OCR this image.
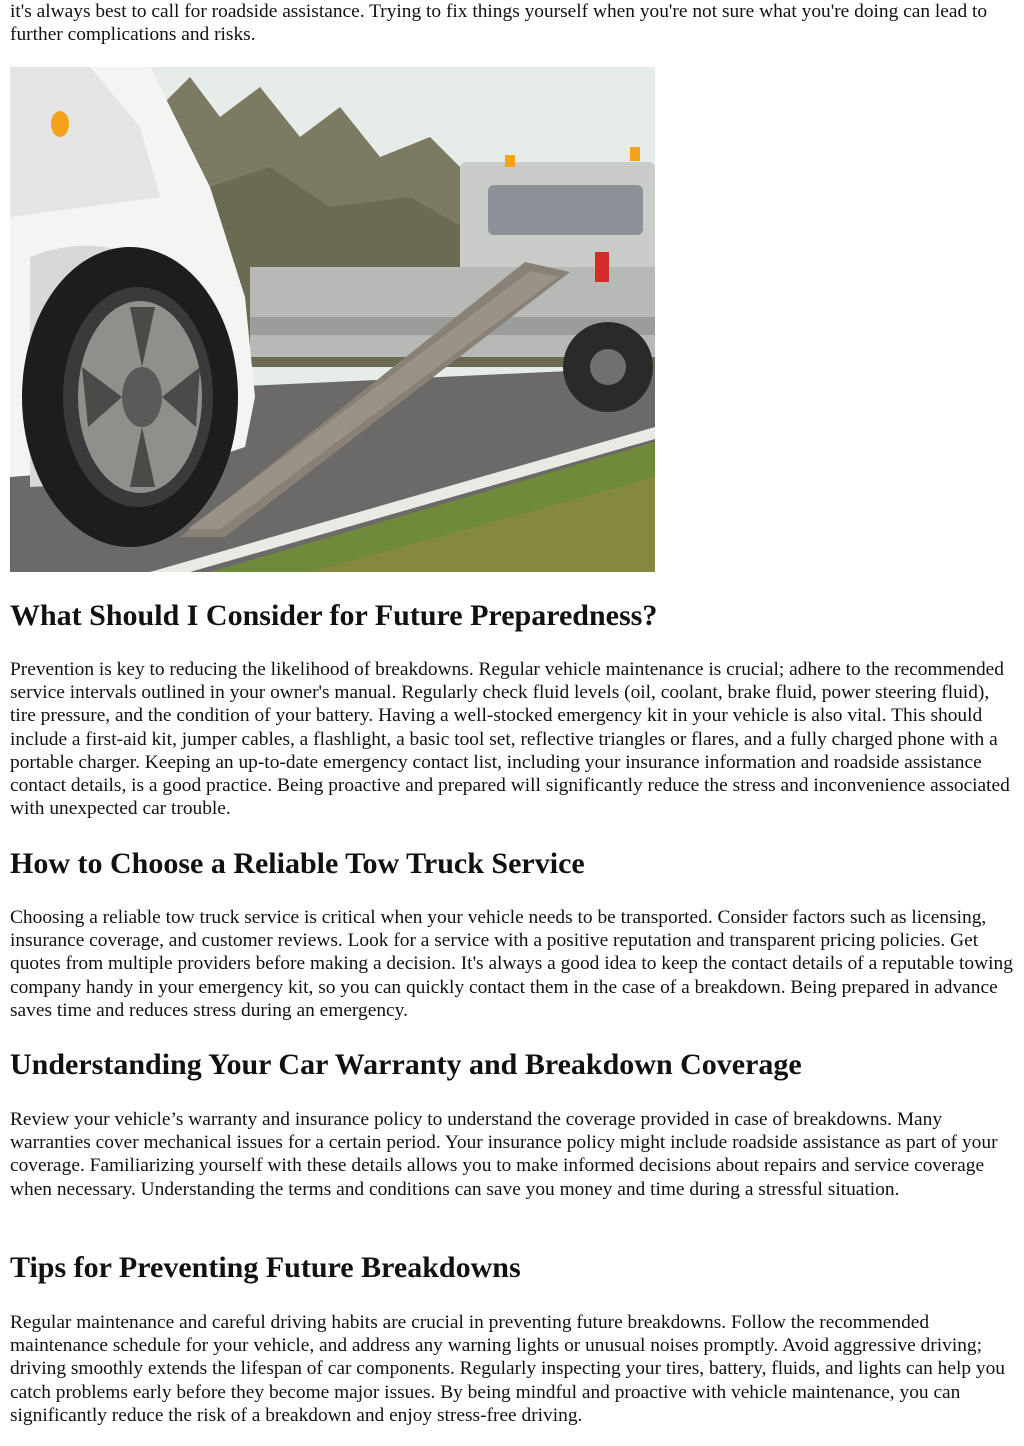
it's always best to call for roadside assistance. Trying to fix things yourself when you're not sure what you're doing can lead to further complications and risks.

What Should I Consider for Future Preparedness?

Prevention is key to reducing the likelihood of breakdowns. Regular vehicle maintenance is crucial; adhere to the recommended service intervals outlined in your owner's manual. Regularly check fluid levels (oil, coolant, brake fluid, power steering fluid), tire pressure, and the condition of your battery. Having a well-stocked emergency kit in your vehicle is also vital. This should include a first-aid kit, jumper cables, a flashlight, a basic tool set, reflective triangles or flares, and a fully charged phone with a portable charger. Keeping an up-to-date emergency contact list, including your insurance information and roadside assistance contact details, is a good practice. Being proactive and prepared will significantly reduce the stress and inconvenience associated with unexpected car trouble.

How to Choose a Reliable Tow Truck Service

Choosing a reliable tow truck service is critical when your vehicle needs to be transported. Consider factors such as licensing, insurance coverage, and customer reviews. Look for a service with a positive reputation and transparent pricing policies. Get quotes from multiple providers before making a decision. It's always a good idea to keep the contact details of a reputable towing company handy in your emergency kit, so you can quickly contact them in the case of a breakdown. Being prepared in advance saves time and reduces stress during an emergency.

Understanding Your Car Warranty and Breakdown Coverage

Review your vehicle’s warranty and insurance policy to understand the coverage provided in case of breakdowns. Many warranties cover mechanical issues for a certain period. Your insurance policy might include roadside assistance as part of your coverage. Familiarizing yourself with these details allows you to make informed decisions about repairs and service coverage when necessary. Understanding the terms and conditions can save you money and time during a stressful situation.

Tips for Preventing Future Breakdowns

Regular maintenance and careful driving habits are crucial in preventing future breakdowns. Follow the recommended maintenance schedule for your vehicle, and address any warning lights or unusual noises promptly. Avoid aggressive driving; driving smoothly extends the lifespan of car components. Regularly inspecting your tires, battery, fluids, and lights can help you catch problems early before they become major issues. By being mindful and proactive with vehicle maintenance, you can significantly reduce the risk of a breakdown and enjoy stress-free driving.
